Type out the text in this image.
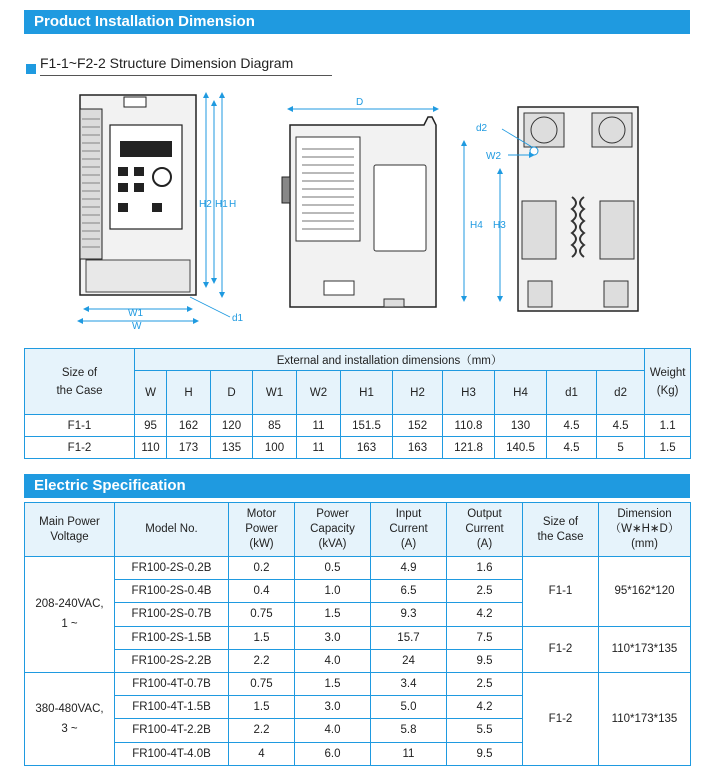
Product Installation Dimension
F1-1~F2-2 Structure Dimension Diagram
H2 H1 H
W1
W
d1
D
d2
W2
H4 H3
Size of
the Case	External and installation dimensions（mm）											Weight
(Kg)

	W	H	D	W1	W2	H1	H2	H3	H4	d1	d2	
F1-1	95	162	120	85	11	151.5	152	110.8	130	4.5	4.5	1.1
F1-2	110	173	135	100	11	163	163	121.8	140.5	4.5	5	1.5
Electric Specification
Main Power
Voltage	Model No.	Motor
Power
(kW)	Power
Capacity
(kVA)	Input
Current
(A)	Output
Current
(A)	Size of
the Case	Dimension
（W∗H∗D）
(mm)

208-240VAC,
1 ~	FR100-2S-0.2B	0.2	0.5	4.9	1.6	F1-1	95*162*120
	FR100-2S-0.4B	0.4	1.0	6.5	2.5		
	FR100-2S-0.7B	0.75	1.5	9.3	4.2		
	FR100-2S-1.5B	1.5	3.0	15.7	7.5	F1-2	110*173*135
	FR100-2S-2.2B	2.2	4.0	24	9.5		

380-480VAC,
3 ~	FR100-4T-0.7B	0.75	1.5	3.4	2.5	F1-2	110*173*135
	FR100-4T-1.5B	1.5	3.0	5.0	4.2		
	FR100-4T-2.2B	2.2	4.0	5.8	5.5		
	FR100-4T-4.0B	4	6.0	11	9.5		
